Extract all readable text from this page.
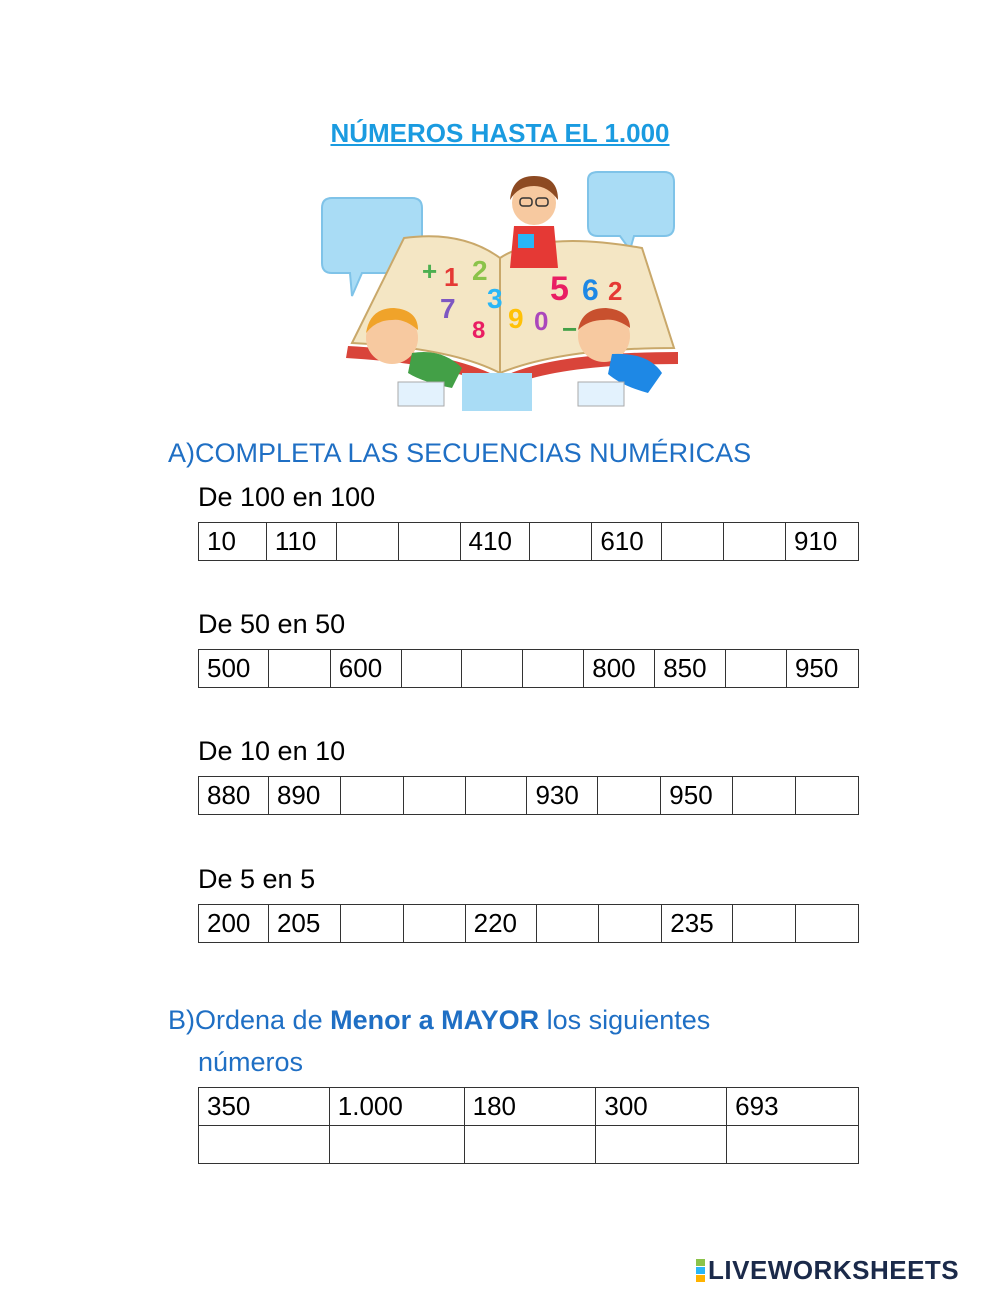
NÚMEROS HASTA EL 1.000
+ 1 2
3
7
8 9 0
5 6 2
−
A)COMPLETA LAS SECUENCIAS NUMÉRICAS
De 100 en 100
10	110			410		610			910
De 50 en 50
500		600				800	850		950
De 10 en 10
880	890				930		950		
De 5 en 5
200	205			220			235		
B)Ordena de Menor a MAYOR los siguientes
números
350	1.000	180	300	693

LIVEWORKSHEETS
